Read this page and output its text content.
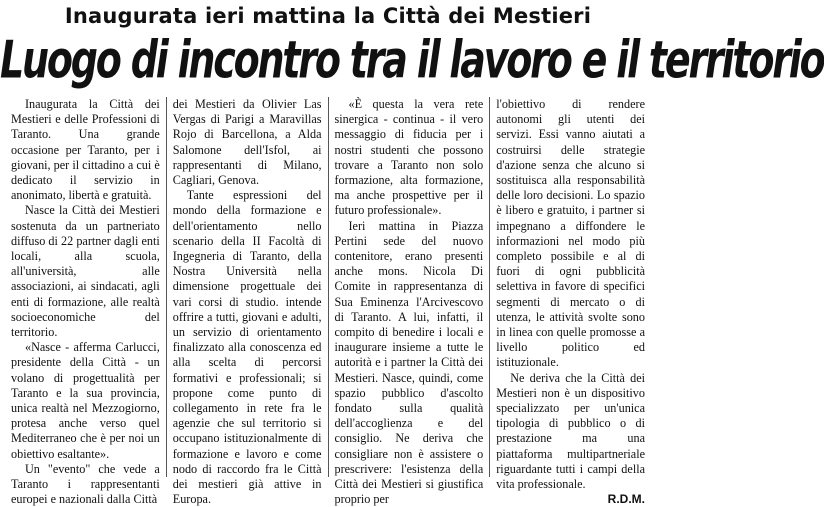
Inaugurata ieri mattina la Città dei Mestieri
Luogo di incontro tra il lavoro e il territorio

Inaugurata la Città dei Mestieri e delle Professioni di Taranto. Una grande occasione per Taranto, per i giovani, per il cittadino a cui è dedicato il servizio in anonimato, libertà e gratuità.

Nasce la Città dei Mestieri sostenuta da un partneriato diffuso di 22 partner dagli enti locali, alla scuola, all'università, alle associazioni, ai sindacati, agli enti di formazione, alle realtà socioeconomiche del territorio.

«Nasce - afferma Carlucci, presidente della Città - un volano di progettualità per Taranto e la sua provincia, unica realtà nel Mezzogiorno, protesa anche verso quel Mediterraneo che è per noi un obiettivo esaltante».

Un "evento" che vede a Taranto i rappresentanti europei e nazionali dalla Città

dei Mestieri da Olivier Las Vergas di Parigi a Maravillas Rojo di Barcellona, a Alda Salomone dell'Isfol, ai rappresentanti di Milano, Cagliari, Genova.

Tante espressioni del mondo della formazione e dell'orientamento nello scenario della II Facoltà di Ingegneria di Taranto, della Nostra Università nella dimensione progettuale dei vari corsi di studio. intende offrire a tutti, giovani e adulti, un servizio di orientamento finalizzato alla conoscenza ed alla scelta di percorsi formativi e professionali; si propone come punto di collegamento in rete fra le agenzie che sul territorio si occupano istituzionalmente di formazione e lavoro e come nodo di raccordo fra le Città dei mestieri già attive in Europa.

«È questa la vera rete sinergica - continua - il vero messaggio di fiducia per i nostri studenti che possono trovare a Taranto non solo formazione, alta formazione, ma anche prospettive per il futuro professionale».

Ieri mattina in Piazza Pertini sede del nuovo contenitore, erano presenti anche mons. Nicola Di Comite in rappresentanza di Sua Eminenza l'Arcivescovo di Taranto. A lui, infatti, il compito di benedire i locali e inaugurare insieme a tutte le autorità e i partner la Città dei Mestieri. Nasce, quindi, come spazio pubblico d'ascolto fondato sulla qualità dell'accoglienza e del consiglio. Ne deriva che consigliare non è assistere o prescrivere: l'esistenza della Città dei Mestieri si giustifica proprio per

l'obiettivo di rendere autonomi gli utenti dei servizi. Essi vanno aiutati a costruirsi delle strategie d'azione senza che alcuno si sostituisca alla responsabilità delle loro decisioni. Lo spazio è libero e gratuito, i partner si impegnano a diffondere le informazioni nel modo più completo possibile e al di fuori di ogni pubblicità selettiva in favore di specifici segmenti di mercato o di utenza, le attività svolte sono in linea con quelle promosse a livello politico ed istituzionale.

Ne deriva che la Città dei Mestieri non è un dispositivo specializzato per un'unica tipologia di pubblico o di prestazione ma una piattaforma multipartneriale riguardante tutti i campi della vita professionale.

R.D.M.
